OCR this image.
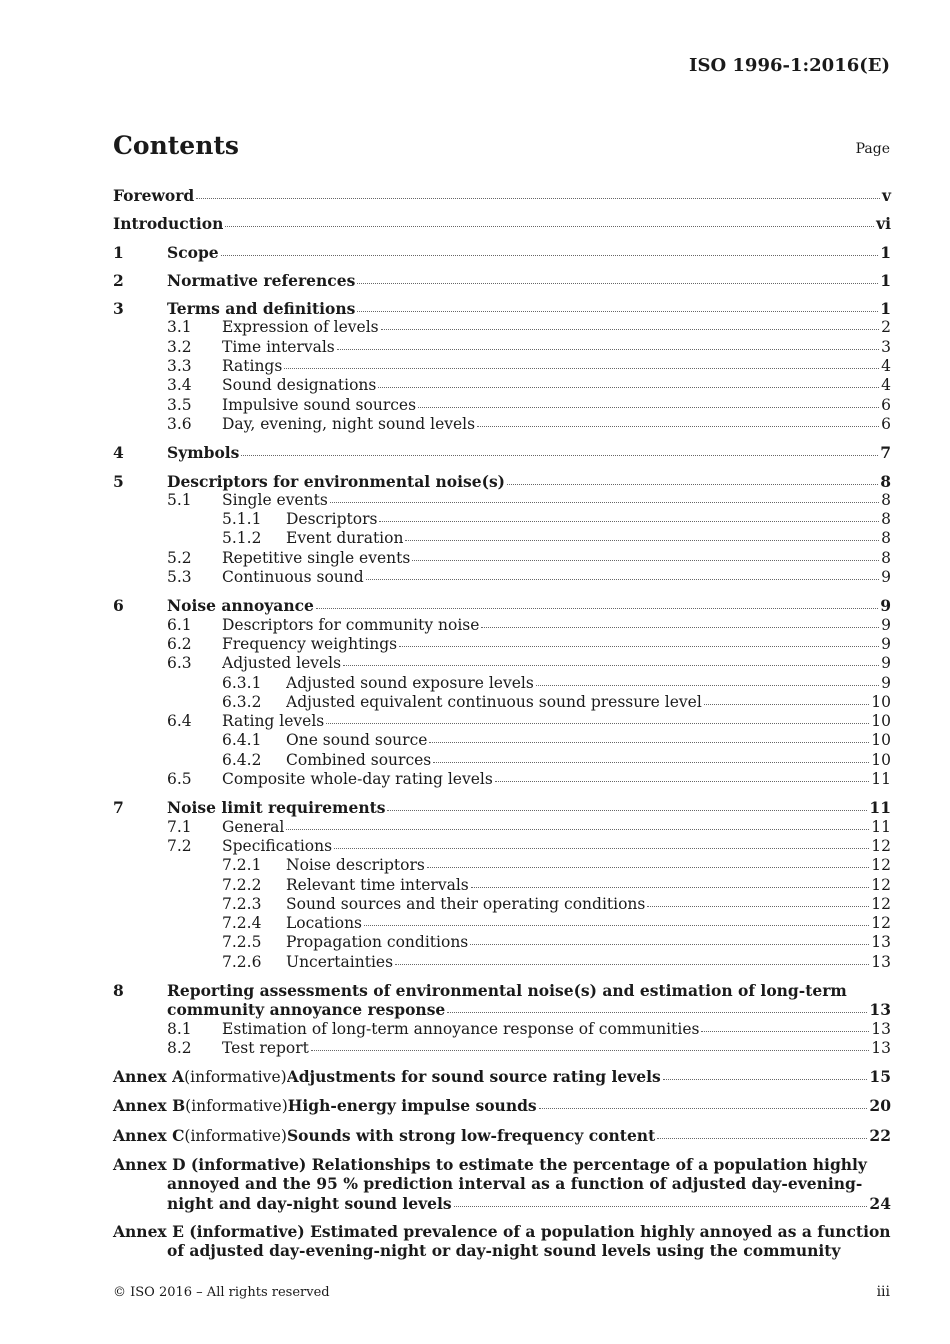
ISO 1996-1:2016(E)
Contents	Page
Foreword	v
Introduction	vi
1	Scope	1
2	Normative references	1
3	Terms and definitions	1
3.1	Expression of levels	2
3.2	Time intervals	3
3.3	Ratings	4
3.4	Sound designations	4
3.5	Impulsive sound sources	6
3.6	Day, evening, night sound levels	6
4	Symbols	7
5	Descriptors for environmental noise(s)	8
5.1	Single events	8
5.1.1	Descriptors	8
5.1.2	Event duration	8
5.2	Repetitive single events	8
5.3	Continuous sound	9
6	Noise annoyance	9
6.1	Descriptors for community noise	9
6.2	Frequency weightings	9
6.3	Adjusted levels	9
6.3.1	Adjusted sound exposure levels	9
6.3.2	Adjusted equivalent continuous sound pressure level	10
6.4	Rating levels	10
6.4.1	One sound source	10
6.4.2	Combined sources	10
6.5	Composite whole-day rating levels	11
7	Noise limit requirements	11
7.1	General	11
7.2	Specifications	12
7.2.1	Noise descriptors	12
7.2.2	Relevant time intervals	12
7.2.3	Sound sources and their operating conditions	12
7.2.4	Locations	12
7.2.5	Propagation conditions	13
7.2.6	Uncertainties	13
8	Reporting assessments of environmental noise(s) and estimation of long-term
community annoyance response	13
8.1	Estimation of long-term annoyance response of communities	13
8.2	Test report	13
Annex A (informative) Adjustments for sound source rating levels	15
Annex B (informative) High-energy impulse sounds	20
Annex C (informative) Sounds with strong low-frequency content	22
Annex D (informative) Relationships to estimate the percentage of a population highly
annoyed and the 95 % prediction interval as a function of adjusted day-evening-
night and day-night sound levels	24
Annex E (informative) Estimated prevalence of a population highly annoyed as a function
of adjusted day-evening-night or day-night sound levels using the community
© ISO 2016 – All rights reserved	iii
